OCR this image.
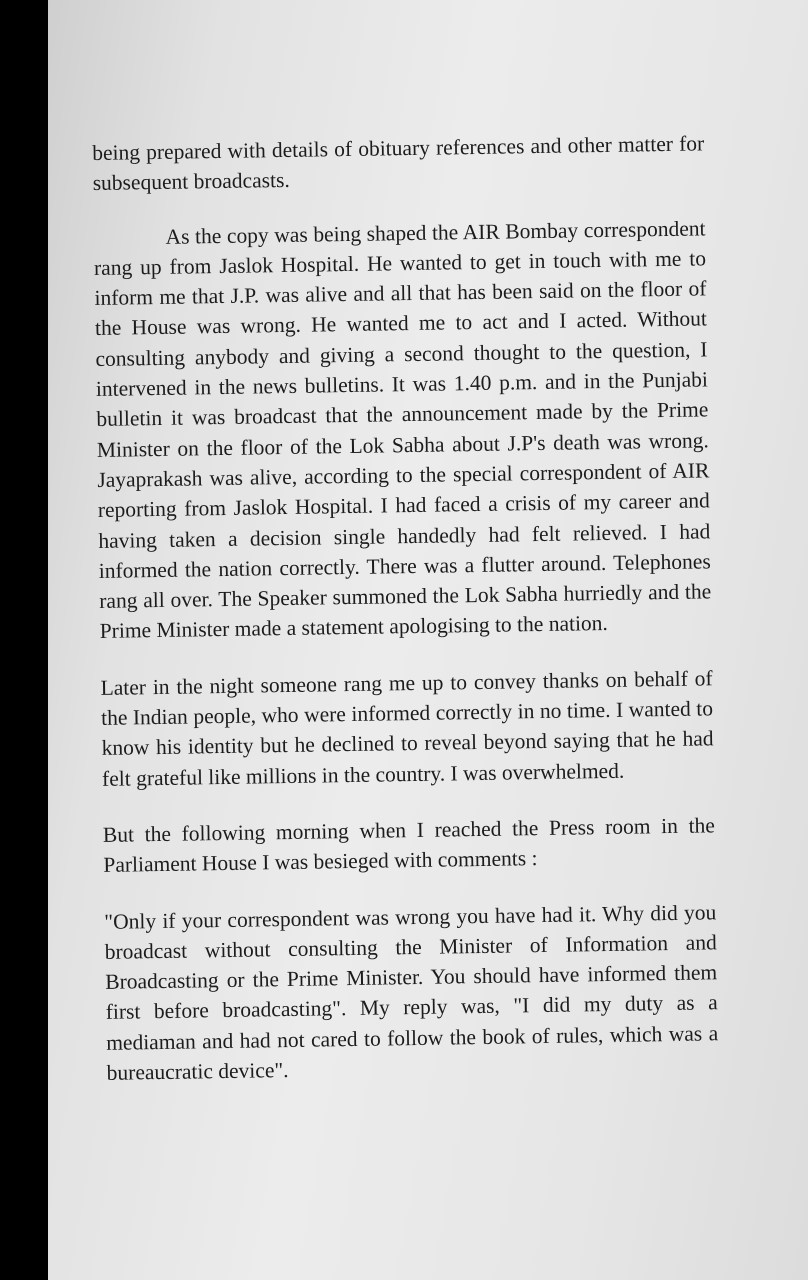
being prepared with details of obituary references and other matter for subsequent broadcasts.

As the copy was being shaped the AIR Bombay correspondent rang up from Jaslok Hospital. He wanted to get in touch with me to inform me that J.P. was alive and all that has been said on the floor of the House was wrong. He wanted me to act and I acted. Without consulting anybody and giving a second thought to the question, I intervened in the news bulletins. It was 1.40 p.m. and in the Punjabi bulletin it was broadcast that the announcement made by the Prime Minister on the floor of the Lok Sabha about J.P's death was wrong. Jayaprakash was alive, according to the special correspondent of AIR reporting from Jaslok Hospital. I had faced a crisis of my career and having taken a decision single handedly had felt relieved. I had informed the nation correctly. There was a flutter around. Telephones rang all over. The Speaker summoned the Lok Sabha hurriedly and the Prime Minister made a statement apologising to the nation.

Later in the night someone rang me up to convey thanks on behalf of the Indian people, who were informed correctly in no time. I wanted to know his identity but he declined to reveal beyond saying that he had felt grateful like millions in the country. I was overwhelmed.

But the following morning when I reached the Press room in the Parliament House I was besieged with comments :

"Only if your correspondent was wrong you have had it. Why did you broadcast without consulting the Minister of Information and Broadcasting or the Prime Minister. You should have informed them first before broadcasting". My reply was, "I did my duty as a mediaman and had not cared to follow the book of rules, which was a bureaucratic device".
